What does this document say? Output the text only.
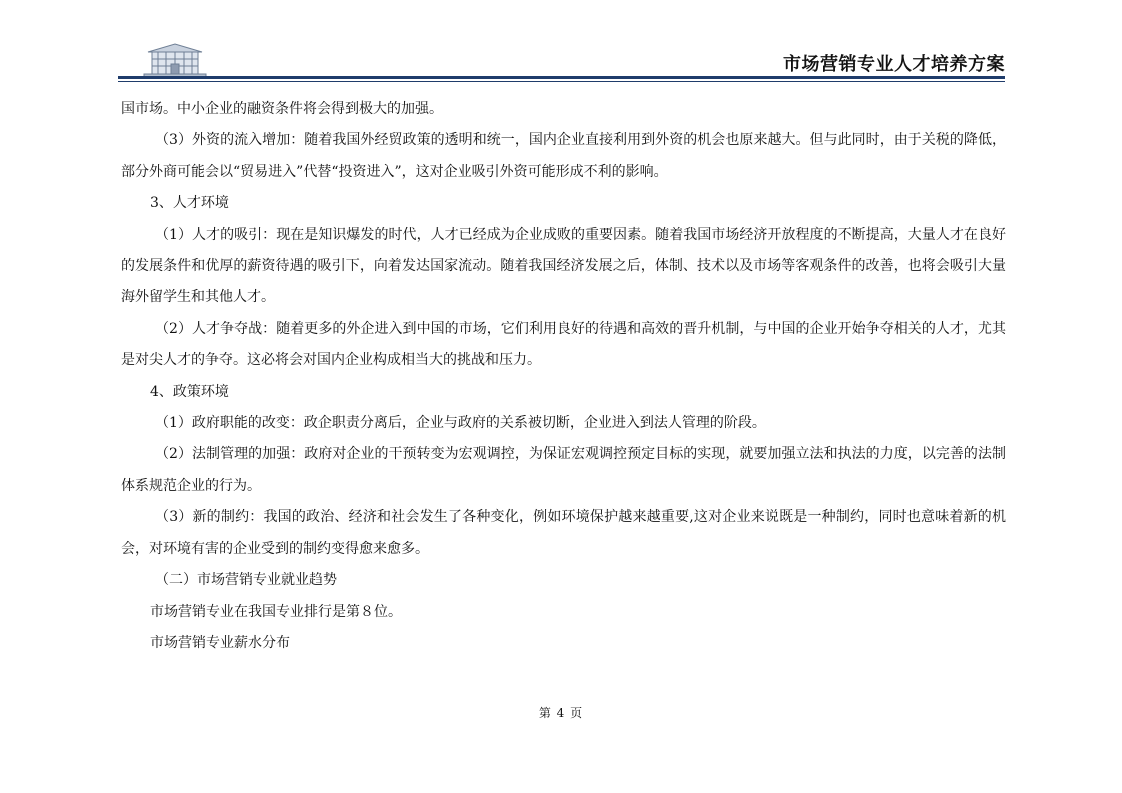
市场营销专业人才培养方案

国市场。中小企业的融资条件将会得到极大的加强。

（3）外资的流入增加：随着我国外经贸政策的透明和统一，国内企业直接利用到外资的机会也原来越大。但与此同时，由于关税的降低，部分外商可能会以“贸易进入”代替“投资进入”，这对企业吸引外资可能形成不利的影响。

3、人才环境

（1）人才的吸引：现在是知识爆发的时代，人才已经成为企业成败的重要因素。随着我国市场经济开放程度的不断提高，大量人才在良好的发展条件和优厚的薪资待遇的吸引下，向着发达国家流动。随着我国经济发展之后，体制、技术以及市场等客观条件的改善，也将会吸引大量海外留学生和其他人才。

（2）人才争夺战：随着更多的外企进入到中国的市场，它们利用良好的待遇和高效的晋升机制，与中国的企业开始争夺相关的人才，尤其是对尖人才的争夺。这必将会对国内企业构成相当大的挑战和压力。

4、政策环境

（1）政府职能的改变：政企职责分离后，企业与政府的关系被切断，企业进入到法人管理的阶段。

（2）法制管理的加强：政府对企业的干预转变为宏观调控，为保证宏观调控预定目标的实现，就要加强立法和执法的力度，以完善的法制体系规范企业的行为。

（3）新的制约：我国的政治、经济和社会发生了各种变化，例如环境保护越来越重要,这对企业来说既是一种制约，同时也意味着新的机会，对环境有害的企业受到的制约变得愈来愈多。

（二）市场营销专业就业趋势

市场营销专业在我国专业排行是第８位。

市场营销专业薪水分布

第 4 页
